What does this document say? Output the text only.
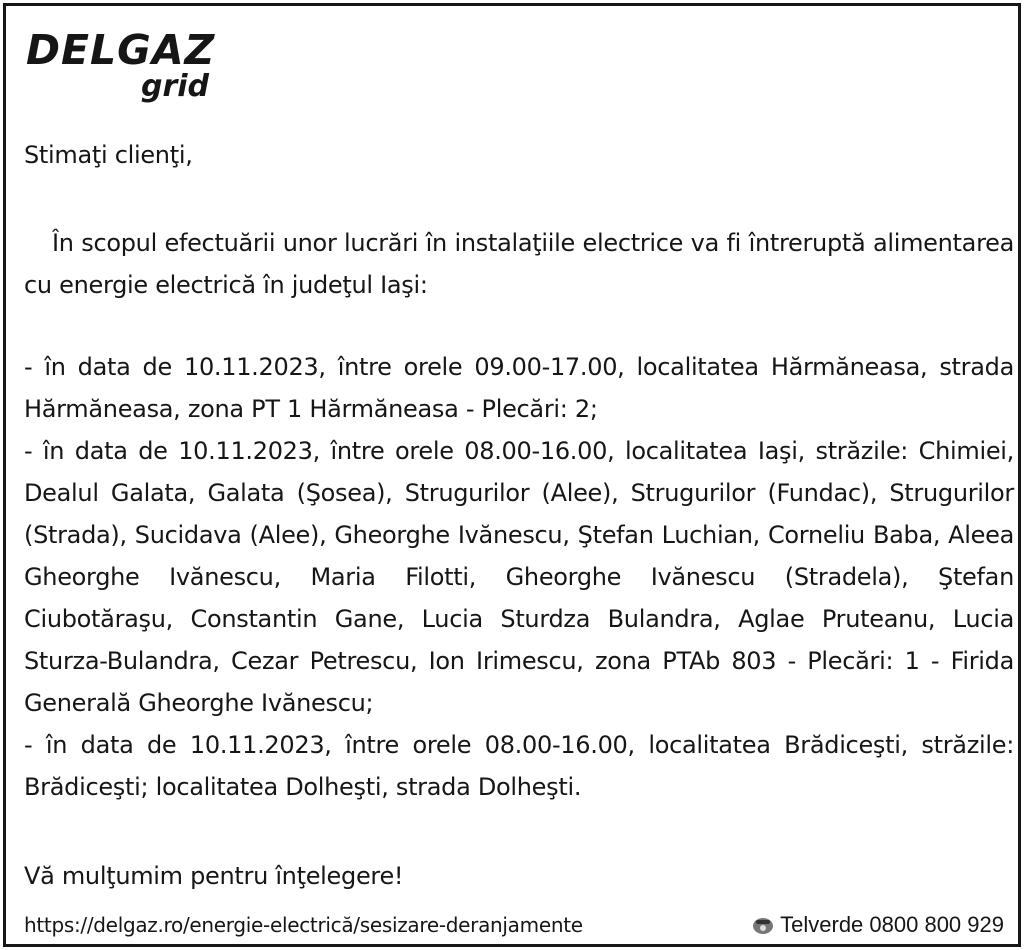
DELGAZ
grid
Stimaţi clienţi,
În scopul efectuării unor lucrări în instalaţiile electrice va fi întreruptă alimentarea cu energie electrică în judeţul Iaşi:

- în data de 10.11.2023, între orele 09.00-17.00, localitatea Hărmăneasa, strada Hărmăneasa, zona PT 1 Hărmăneasa - Plecări: 2;

- în data de 10.11.2023, între orele 08.00-16.00, localitatea Iaşi, străzile: Chimiei, Dealul Galata, Galata (Şosea), Strugurilor (Alee), Strugurilor (Fundac), Strugurilor (Strada), Sucidava (Alee), Gheorghe Ivănescu, Ştefan Luchian, Corneliu Baba, Aleea Gheorghe Ivănescu, Maria Filotti, Gheorghe Ivănescu (Stradela), Ştefan Ciubotăraşu, Constantin Gane, Lucia Sturdza Bulandra, Aglae Pruteanu, Lucia Sturza-Bulandra, Cezar Petrescu, Ion Irimescu, zona PTAb 803 - Plecări: 1 - Firida Generală Gheorghe Ivănescu;

- în data de 10.11.2023, între orele 08.00-16.00, localitatea Brădiceşti, străzile: Brădiceşti; localitatea Dolheşti, strada Dolheşti.

Vă mulţumim pentru înţelegere!
https://delgaz.ro/energie-electrică/sesizare-deranjamente	Telverde 0800 800 929
